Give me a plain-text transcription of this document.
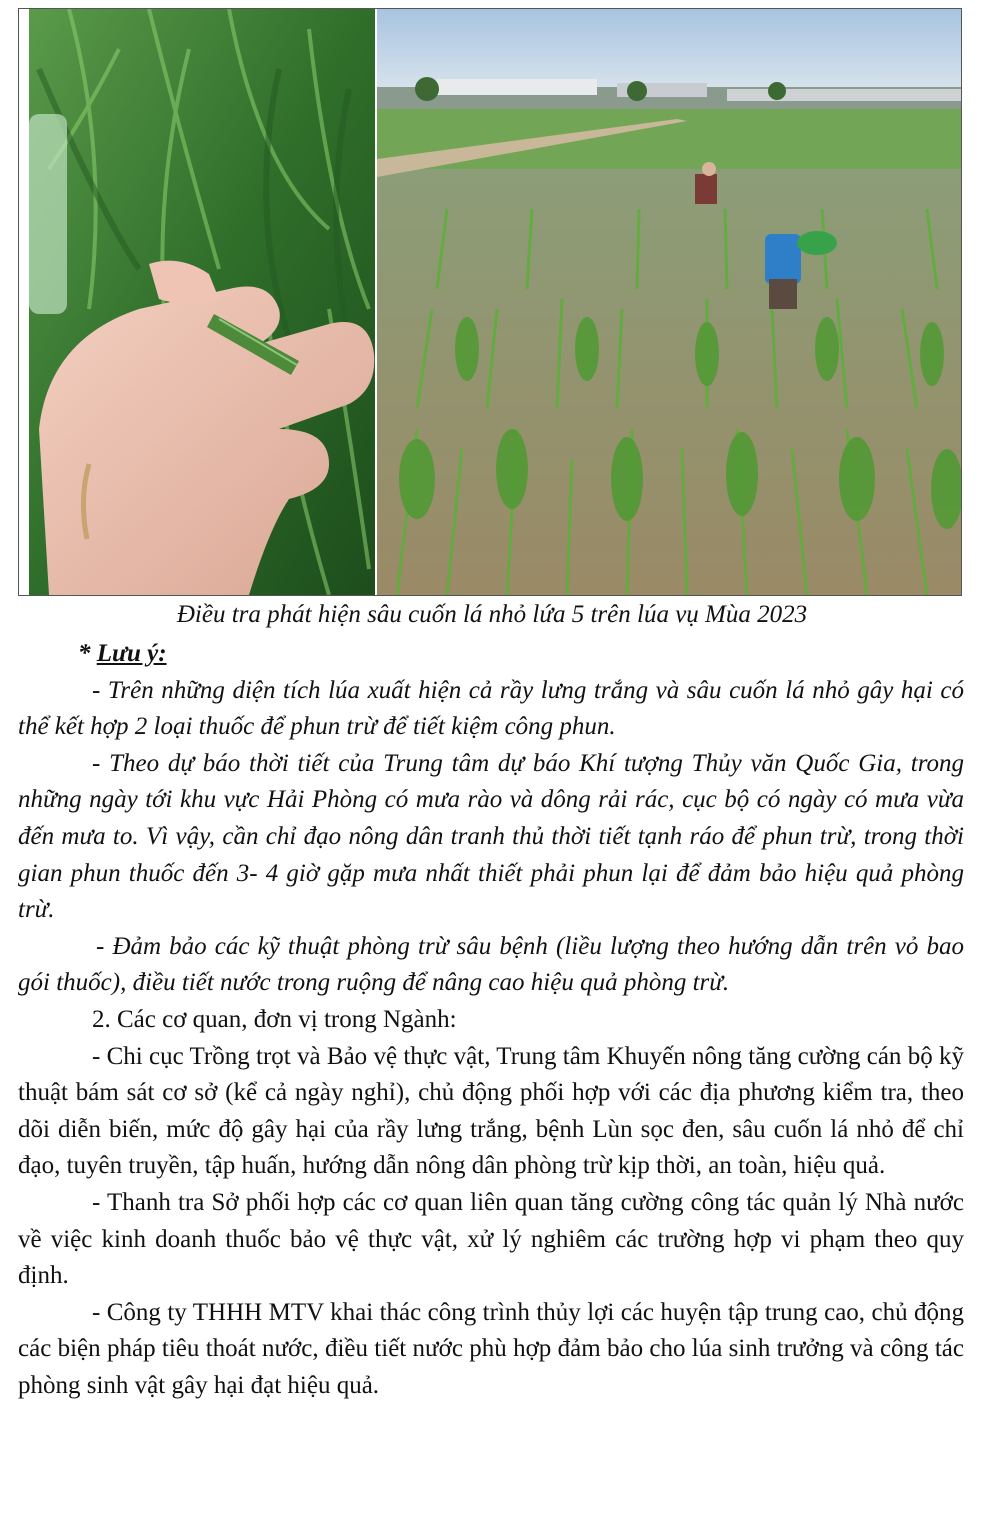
Điều tra phát hiện sâu cuốn lá nhỏ lứa 5 trên lúa vụ Mùa 2023

* Lưu ý:

- Trên những diện tích lúa xuất hiện cả rầy lưng trắng và sâu cuốn lá nhỏ gây hại có thể kết hợp 2 loại thuốc để phun trừ để tiết kiệm công phun.

- Theo dự báo thời tiết của Trung tâm dự báo Khí tượng Thủy văn Quốc Gia, trong những ngày tới khu vực Hải Phòng có mưa rào và dông rải rác, cục bộ có ngày có mưa vừa đến mưa to. Vì vậy, cần chỉ đạo nông dân tranh thủ thời tiết tạnh ráo để phun trừ, trong thời gian phun thuốc đến 3- 4 giờ gặp mưa nhất thiết phải phun lại để đảm bảo hiệu quả phòng trừ.

- Đảm bảo các kỹ thuật phòng trừ sâu bệnh (liều lượng theo hướng dẫn trên vỏ bao gói thuốc), điều tiết nước trong ruộng để nâng cao hiệu quả phòng trừ.

2. Các cơ quan, đơn vị trong Ngành:

- Chi cục Trồng trọt và Bảo vệ thực vật, Trung tâm Khuyến nông tăng cường cán bộ kỹ thuật bám sát cơ sở (kể cả ngày nghỉ), chủ động phối hợp với các địa phương kiểm tra, theo dõi diễn biến, mức độ gây hại của rầy lưng trắng, bệnh Lùn sọc đen, sâu cuốn lá nhỏ để chỉ đạo, tuyên truyền, tập huấn, hướng dẫn nông dân phòng trừ kịp thời, an toàn, hiệu quả.

- Thanh tra Sở phối hợp các cơ quan liên quan tăng cường công tác quản lý Nhà nước về việc kinh doanh thuốc bảo vệ thực vật, xử lý nghiêm các trường hợp vi phạm theo quy định.

- Công ty THHH MTV khai thác công trình thủy lợi các huyện tập trung cao, chủ động các biện pháp tiêu thoát nước, điều tiết nước phù hợp đảm bảo cho lúa sinh trưởng và công tác phòng sinh vật gây hại đạt hiệu quả.
